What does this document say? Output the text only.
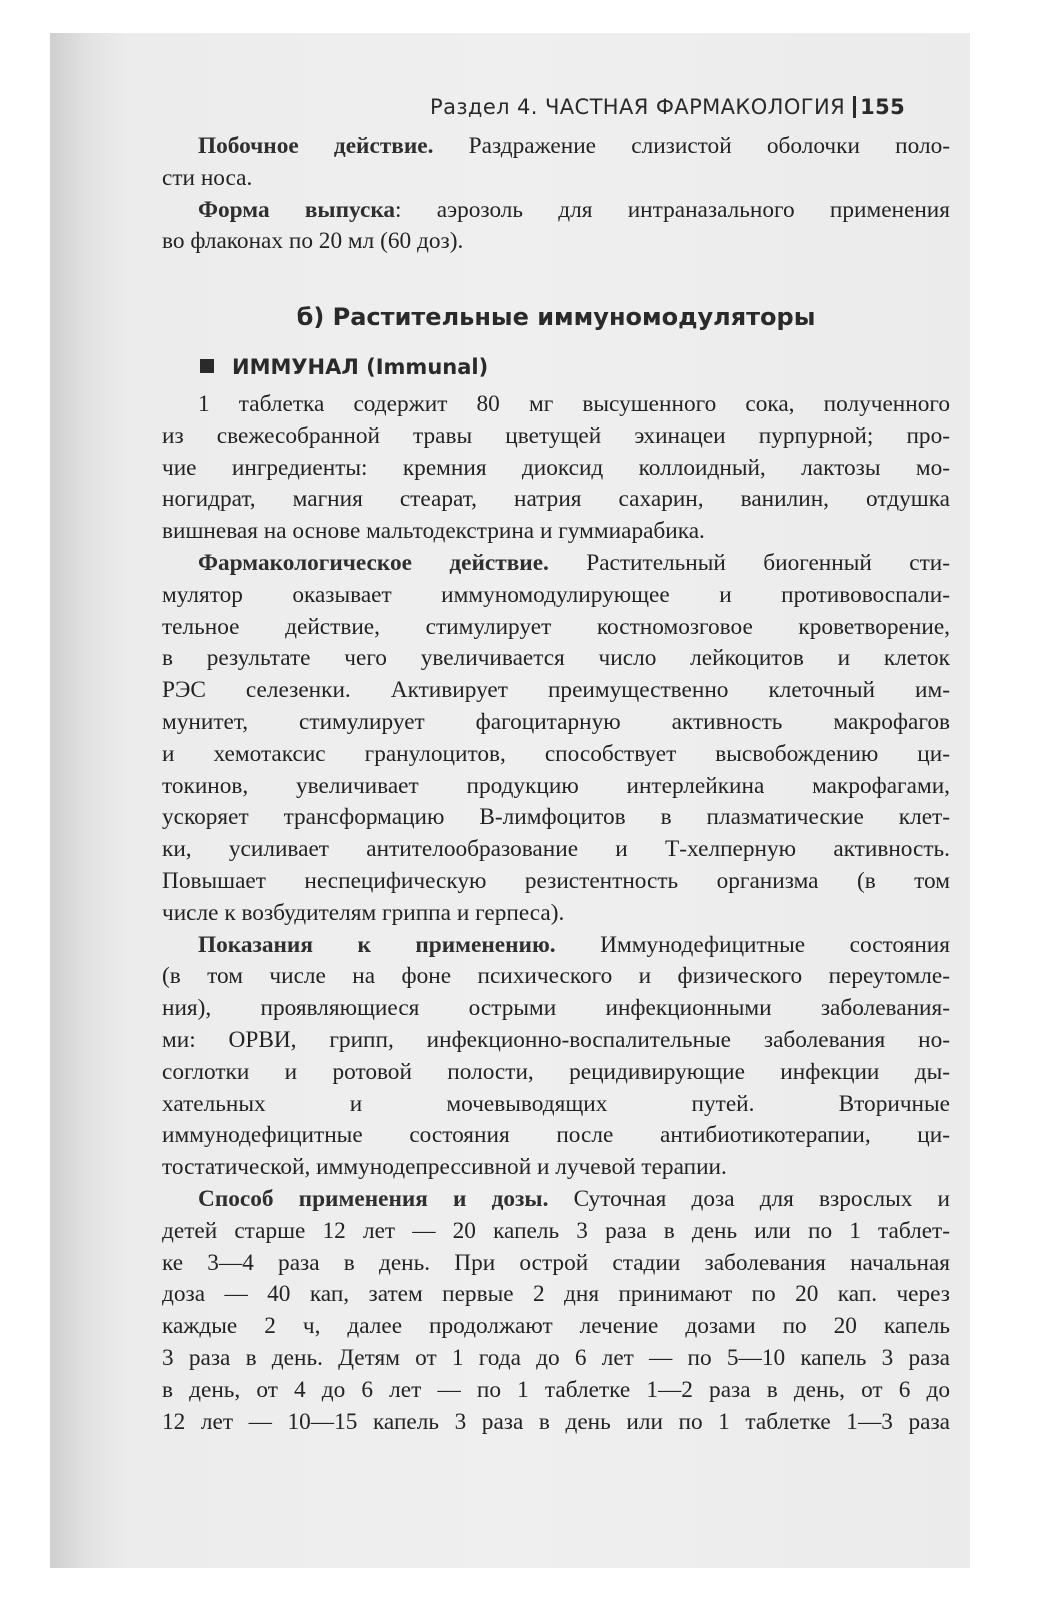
Раздел 4. ЧАСТНАЯ ФАРМАКОЛОГИЯ 155
Побочное действие. Раздражение слизистой оболочки поло-
сти носа.
Форма выпуска: аэрозоль для интраназального применения
во флаконах по 20 мл (60 доз).
б) Растительные иммуномодуляторы
ИММУНАЛ (Immunal)
1 таблетка содержит 80 мг высушенного сока, полученного
из свежесобранной травы цветущей эхинацеи пурпурной; про-
чие ингредиенты: кремния диоксид коллоидный, лактозы мо-
ногидрат, магния стеарат, натрия сахарин, ванилин, отдушка
вишневая на основе мальтодекстрина и гуммиарабика.
Фармакологическое действие. Растительный биогенный сти-
мулятор оказывает иммуномодулирующее и противовоспали-
тельное действие, стимулирует костномозговое кроветворение,
в результате чего увеличивается число лейкоцитов и клеток
РЭС селезенки. Активирует преимущественно клеточный им-
мунитет, стимулирует фагоцитарную активность макрофагов
и хемотаксис гранулоцитов, способствует высвобождению ци-
токинов, увеличивает продукцию интерлейкина макрофагами,
ускоряет трансформацию В-лимфоцитов в плазматические клет-
ки, усиливает антителообразование и Т-хелперную активность.
Повышает неспецифическую резистентность организма (в том
числе к возбудителям гриппа и герпеса).
Показания к применению. Иммунодефицитные состояния
(в том числе на фоне психического и физического переутомле-
ния), проявляющиеся острыми инфекционными заболевания-
ми: ОРВИ, грипп, инфекционно-воспалительные заболевания но-
соглотки и ротовой полости, рецидивирующие инфекции ды-
хательных и мочевыводящих путей. Вторичные
иммунодефицитные состояния после антибиотикотерапии, ци-
тостатической, иммунодепрессивной и лучевой терапии.
Способ применения и дозы. Суточная доза для взрослых и
детей старше 12 лет — 20 капель 3 раза в день или по 1 таблет-
ке 3—4 раза в день. При острой стадии заболевания начальная
доза — 40 кап, затем первые 2 дня принимают по 20 кап. через
каждые 2 ч, далее продолжают лечение дозами по 20 капель
3 раза в день. Детям от 1 года до 6 лет — по 5—10 капель 3 раза
в день, от 4 до 6 лет — по 1 таблетке 1—2 раза в день, от 6 до
12 лет — 10—15 капель 3 раза в день или по 1 таблетке 1—3 раза
